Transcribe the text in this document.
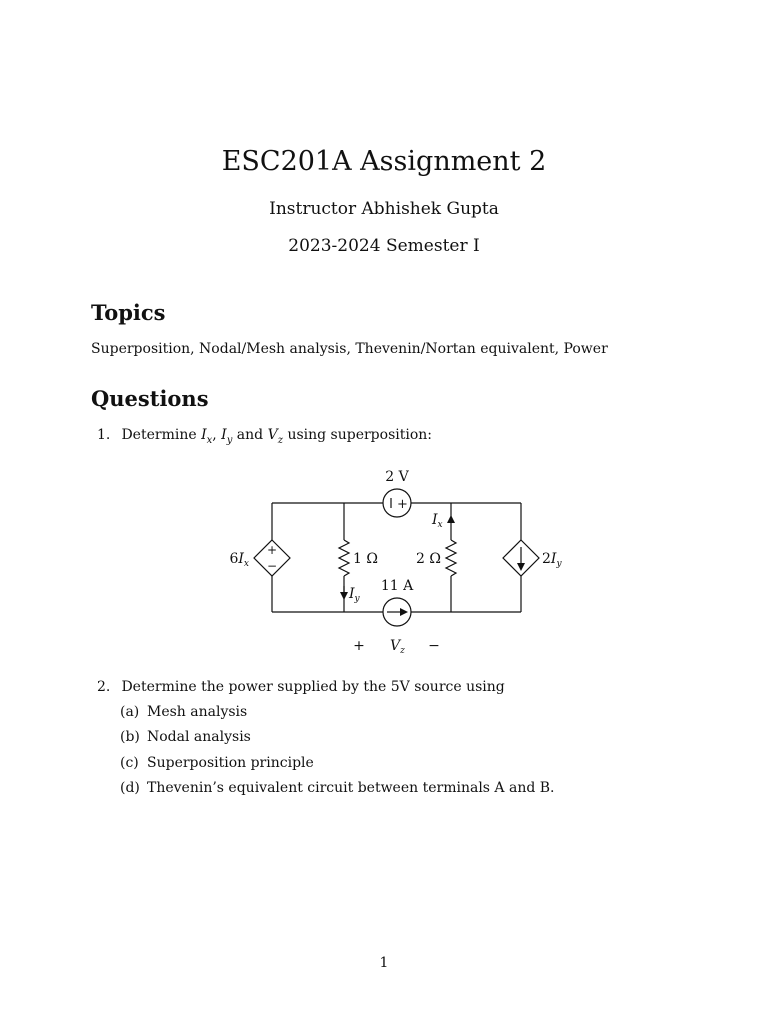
ESC201A Assignment 2
Instructor Abhishek Gupta
2023-2024 Semester I
Topics
Superposition, Nodal/Mesh analysis, Thevenin/Nortan equivalent, Power
Questions
1. Determine $I_x$, $I_y$ and $V_z$ using superposition:
+
+
−
2 V
11 A
1 Ω	2 Ω
$6I_x$	$2I_y$
$I_x$
$I_y$
+ $V_z$ −
2. Determine the power supplied by the 5V source using
(a) Mesh analysis
(b) Nodal analysis
(c) Superposition principle
(d) Thevenin’s equivalent circuit between terminals A and B.
1
